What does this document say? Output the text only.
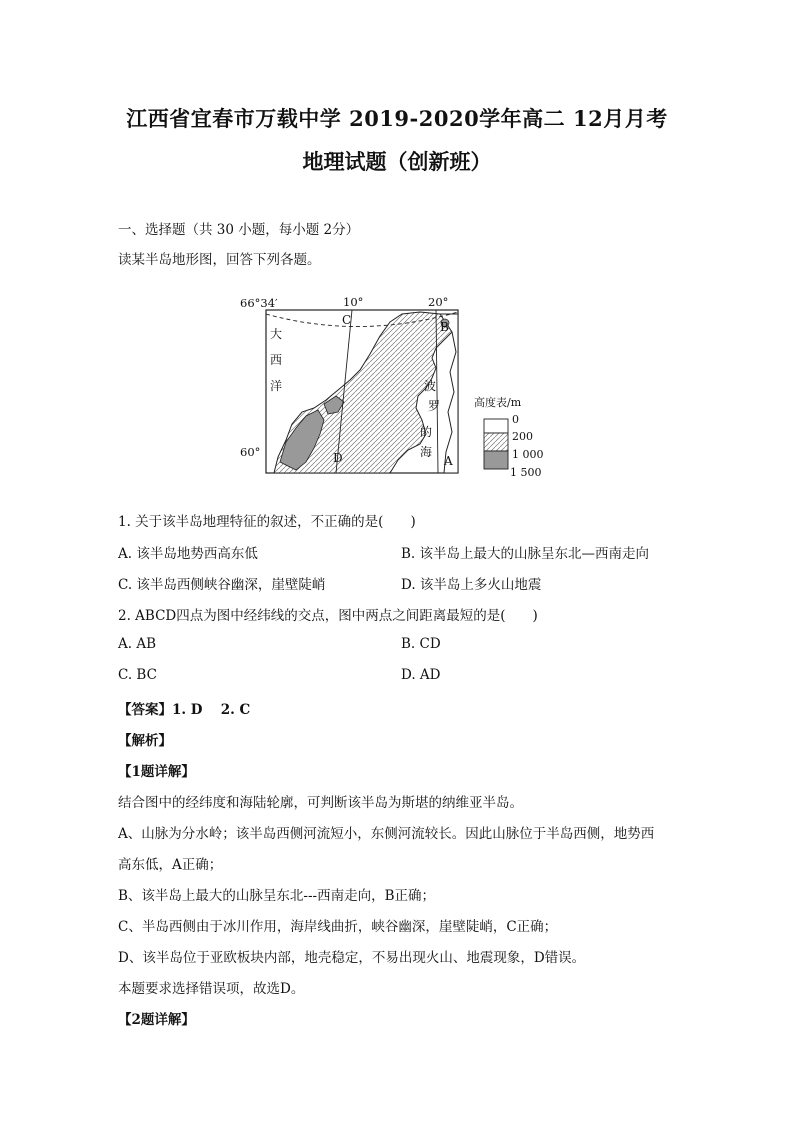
江西省宜春市万载中学 2019-2020学年高二 12月月考
地理试题（创新班）
一、选择题（共 30 小题，每小题 2分）
读某半岛地形图，回答下列各题。
66°34′	10°	20°
60°
C	B
D	A
大
西
洋	波
罗
的
海
高度表/m
0
200
1 000
1 500
1. 关于该半岛地理特征的叙述，不正确的是(　　)
A. 该半岛地势西高东低	B. 该半岛上最大的山脉呈东北—西南走向
C. 该半岛西侧峡谷幽深，崖壁陡峭	D. 该半岛上多火山地震
2. ABCD四点为图中经纬线的交点，图中两点之间距离最短的是(　　)
A. AB	B. CD
C. BC	D. AD
【答案】1. D　 2. C
【解析】
【1题详解】
结合图中的经纬度和海陆轮廓，可判断该半岛为斯堪的纳维亚半岛。
A、山脉为分水岭；该半岛西侧河流短小，东侧河流较长。因此山脉位于半岛西侧，地势西
高东低，A正确；
B、该半岛上最大的山脉呈东北---西南走向，B正确；
C、半岛西侧由于冰川作用，海岸线曲折，峡谷幽深，崖壁陡峭，C正确；
D、该半岛位于亚欧板块内部，地壳稳定，不易出现火山、地震现象，D错误。
本题要求选择错误项，故选D。
【2题详解】
